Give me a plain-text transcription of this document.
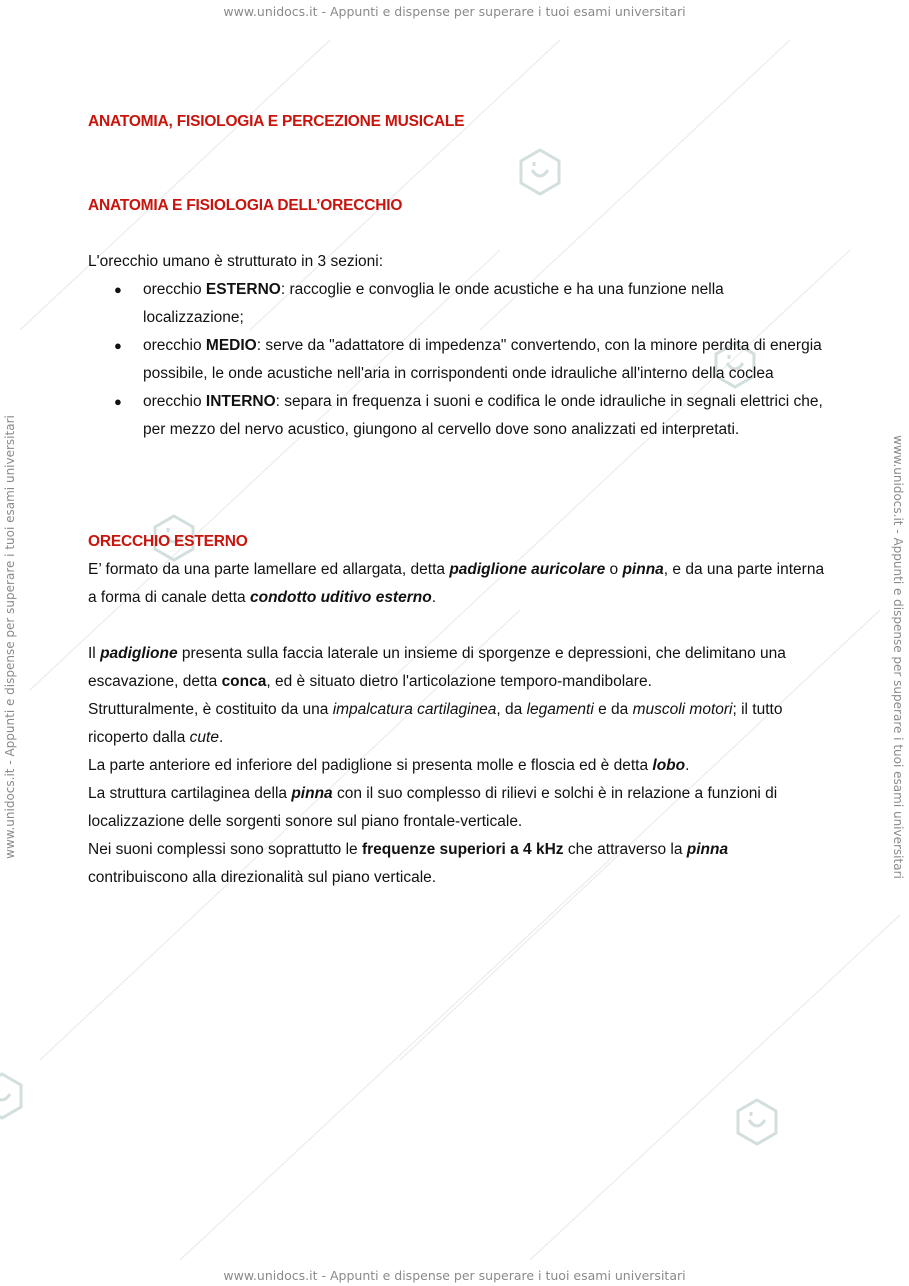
www.unidocs.it - Appunti e dispense per superare i tuoi esami universitari
www.unidocs.it - Appunti e dispense per superare i tuoi esami universitari
www.unidocs.it - Appunti e dispense per superare i tuoi esami universitari	www.unidocs.it - Appunti e dispense per superare i tuoi esami universitari

ANATOMIA, FISIOLOGIA E PERCEZIONE MUSICALE

ANATOMIA E FISIOLOGIA DELL’ORECCHIO

L'orecchio umano è strutturato in 3 sezioni:

● orecchio ESTERNO: raccoglie e convoglia le onde acustiche e ha una funzione nella localizzazione;
● orecchio MEDIO: serve da "adattatore di impedenza" convertendo, con la minore perdita di energia possibile, le onde acustiche nell'aria in corrispondenti onde idrauliche all'interno della coclea
● orecchio INTERNO: separa in frequenza i suoni e codifica le onde idrauliche in segnali elettrici che, per mezzo del nervo acustico, giungono al cervello dove sono analizzati ed interpretati.

ORECCHIO ESTERNO

E’ formato da una parte lamellare ed allargata, detta padiglione auricolare o pinna, e da una parte interna a forma di canale detta condotto uditivo esterno.

Il padiglione presenta sulla faccia laterale un insieme di sporgenze e depressioni, che delimitano una escavazione, detta conca, ed è situato dietro l'articolazione temporo-mandibolare.

Strutturalmente, è costituito da una impalcatura cartilaginea, da legamenti e da muscoli motori; il tutto ricoperto dalla cute.

La parte anteriore ed inferiore del padiglione si presenta molle e floscia ed è detta lobo.

La struttura cartilaginea della pinna con il suo complesso di rilievi e solchi è in relazione a funzioni di localizzazione delle sorgenti sonore sul piano frontale-verticale.

Nei suoni complessi sono soprattutto le frequenze superiori a 4 kHz che attraverso la pinna contribuiscono alla direzionalità sul piano verticale.
